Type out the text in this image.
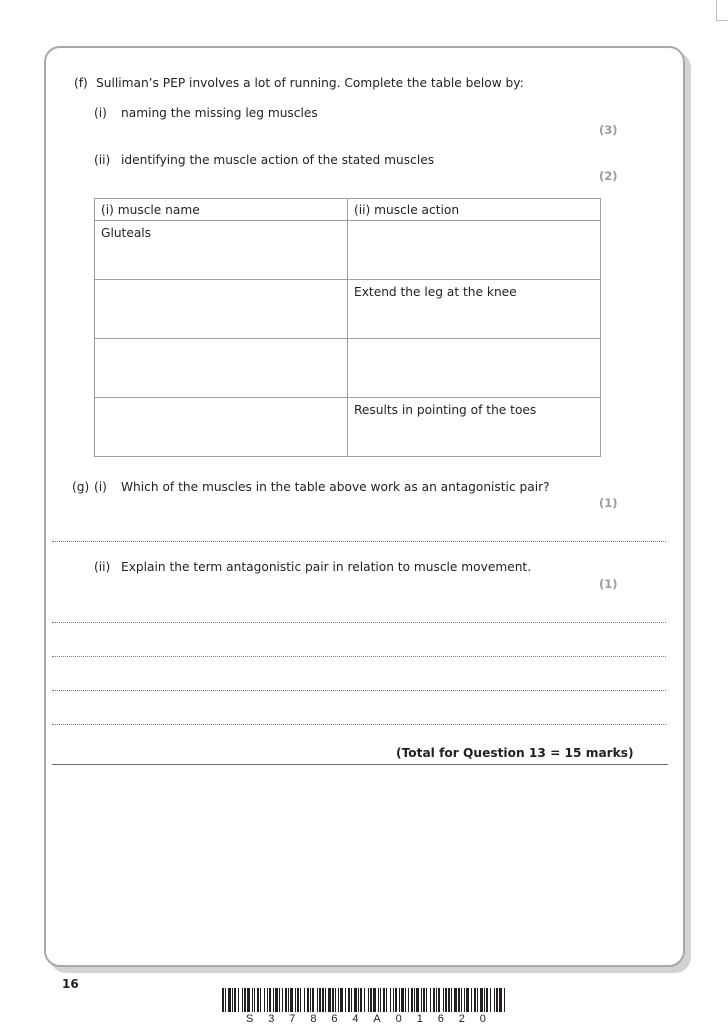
(f) Sulliman’s PEP involves a lot of running. Complete the table below by:
(i) naming the missing leg muscles
(3)
(ii) identifying the muscle action of the stated muscles
(2)
(i) muscle name	(ii) muscle action
Gluteals	
	Extend the leg at the knee

	Results in pointing of the toes
(g) (i) Which of the muscles in the table above work as an antagonistic pair?
(1)
(ii) Explain the term antagonistic pair in relation to muscle movement.
(1)
(Total for Question 13 = 15 marks)
16
S 3 7 8 6 4 A 0 1 6 2 0
